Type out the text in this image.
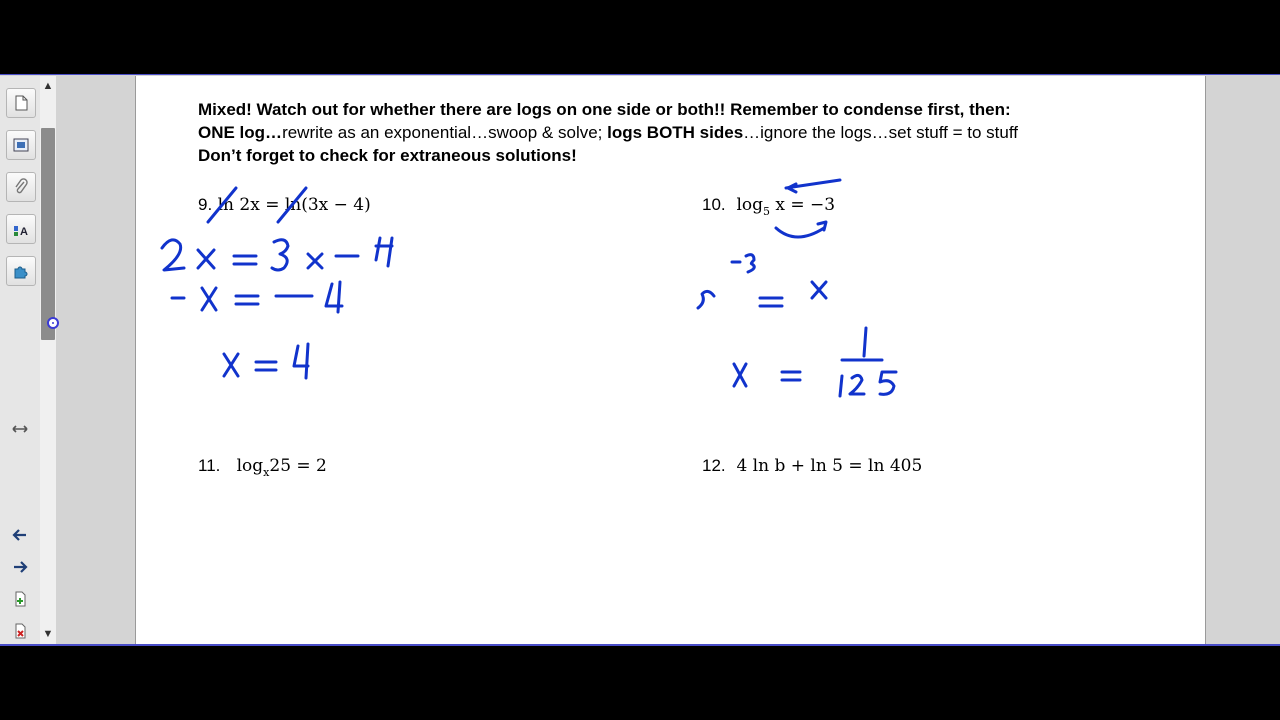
A
▲
▼
Mixed! Watch out for whether there are logs on one side or both!! Remember to condense first, then:
ONE log…rewrite as an exponential…swoop & solve; logs BOTH sides…ignore the logs…set stuff = to stuff
Don’t forget to check for extraneous solutions!
9. ln 2x = ln(3x − 4)	10. $\log_5 x = -3$
11. $\log_x25 = 2$	12. 4 ln b + ln 5 = ln 405
